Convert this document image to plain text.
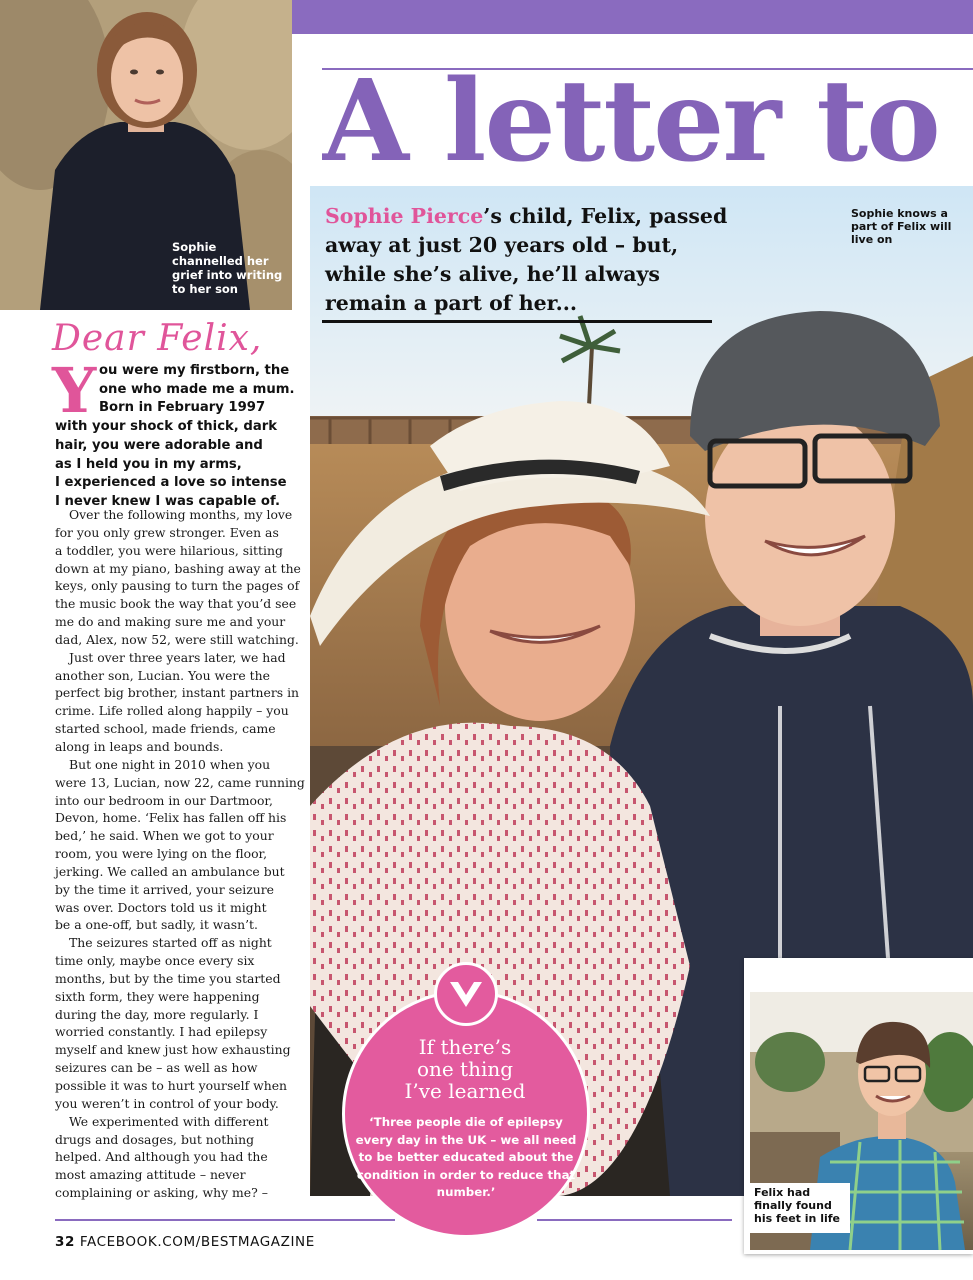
Sophie channelled her grief into writing to her son
A letter to
Sophie Pierce’s child, Felix, passed away at just 20 years old – but, while she’s alive, he’ll always remain a part of her...
Sophie knows a part of Felix will live on
Dear Felix,
Y ou were my firstborn, the
one who made me a mum.
Born in February 1997
with your shock of thick, dark
hair, you were adorable and
as I held you in my arms,
I experienced a love so intense
I never knew I was capable of.
Over the following months, my love
for you only grew stronger. Even as
a toddler, you were hilarious, sitting
down at my piano, bashing away at the
keys, only pausing to turn the pages of
the music book the way that you’d see
me do and making sure me and your
dad, Alex, now 52, were still watching.
Just over three years later, we had
another son, Lucian. You were the
perfect big brother, instant partners in
crime. Life rolled along happily – you
started school, made friends, came
along in leaps and bounds.
But one night in 2010 when you
were 13, Lucian, now 22, came running
into our bedroom in our Dartmoor,
Devon, home. ‘Felix has fallen off his
bed,’ he said. When we got to your
room, you were lying on the floor,
jerking. We called an ambulance but
by the time it arrived, your seizure
was over. Doctors told us it might
be a one-off, but sadly, it wasn’t.
The seizures started off as night
time only, maybe once every six
months, but by the time you started
sixth form, they were happening
during the day, more regularly. I
worried constantly. I had epilepsy
myself and knew just how exhausting
seizures can be – as well as how
possible it was to hurt yourself when
you weren’t in control of your body.
We experimented with different
drugs and dosages, but nothing
helped. And although you had the
most amazing attitude – never
complaining or asking, why me? –	Felix had finally found his feet in life
If there’s
one thing
I’ve learned
‘Three people die of epilepsy every day in the UK – we all need to be better educated about the condition in order to reduce that number.’
32 FACEBOOK.COM/BESTMAGAZINE
